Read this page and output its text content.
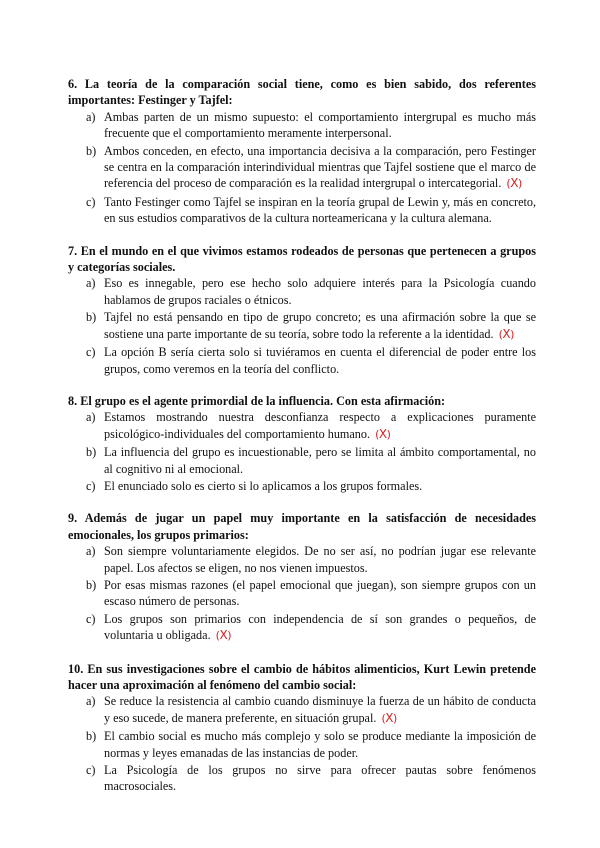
6. La teoría de la comparación social tiene, como es bien sabido, dos referentes importantes: Festinger y Tajfel:

a) Ambas parten de un mismo supuesto: el comportamiento intergrupal es mucho más frecuente que el comportamiento meramente interpersonal.
b) Ambos conceden, en efecto, una importancia decisiva a la comparación, pero Festinger se centra en la comparación interindividual mientras que Tajfel sostiene que el marco de referencia del proceso de comparación es la realidad intergrupal o intercategorial. (X)
c) Tanto Festinger como Tajfel se inspiran en la teoría grupal de Lewin y, más en concreto, en sus estudios comparativos de la cultura norteamericana y la cultura alemana.

7. En el mundo en el que vivimos estamos rodeados de personas que pertenecen a grupos y categorías sociales.

a) Eso es innegable, pero ese hecho solo adquiere interés para la Psicología cuando hablamos de grupos raciales o étnicos.
b) Tajfel no está pensando en tipo de grupo concreto; es una afirmación sobre la que se sostiene una parte importante de su teoría, sobre todo la referente a la identidad. (X)
c) La opción B sería cierta solo si tuviéramos en cuenta el diferencial de poder entre los grupos, como veremos en la teoría del conflicto.

8. El grupo es el agente primordial de la influencia. Con esta afirmación:

a) Estamos mostrando nuestra desconfianza respecto a explicaciones puramente psicológico-individuales del comportamiento humano. (X)
b) La influencia del grupo es incuestionable, pero se limita al ámbito comportamental, no al cognitivo ni al emocional.
c) El enunciado solo es cierto si lo aplicamos a los grupos formales.

9. Además de jugar un papel muy importante en la satisfacción de necesidades emocionales, los grupos primarios:

a) Son siempre voluntariamente elegidos. De no ser así, no podrían jugar ese relevante papel. Los afectos se eligen, no nos vienen impuestos.
b) Por esas mismas razones (el papel emocional que juegan), son siempre grupos con un escaso número de personas.
c) Los grupos son primarios con independencia de sí son grandes o pequeños, de voluntaria u obligada. (X)

10. En sus investigaciones sobre el cambio de hábitos alimenticios, Kurt Lewin pretende hacer una aproximación al fenómeno del cambio social:

a) Se reduce la resistencia al cambio cuando disminuye la fuerza de un hábito de conducta y eso sucede, de manera preferente, en situación grupal. (X)
b) El cambio social es mucho más complejo y solo se produce mediante la imposición de normas y leyes emanadas de las instancias de poder.
c) La Psicología de los grupos no sirve para ofrecer pautas sobre fenómenos macrosociales.
